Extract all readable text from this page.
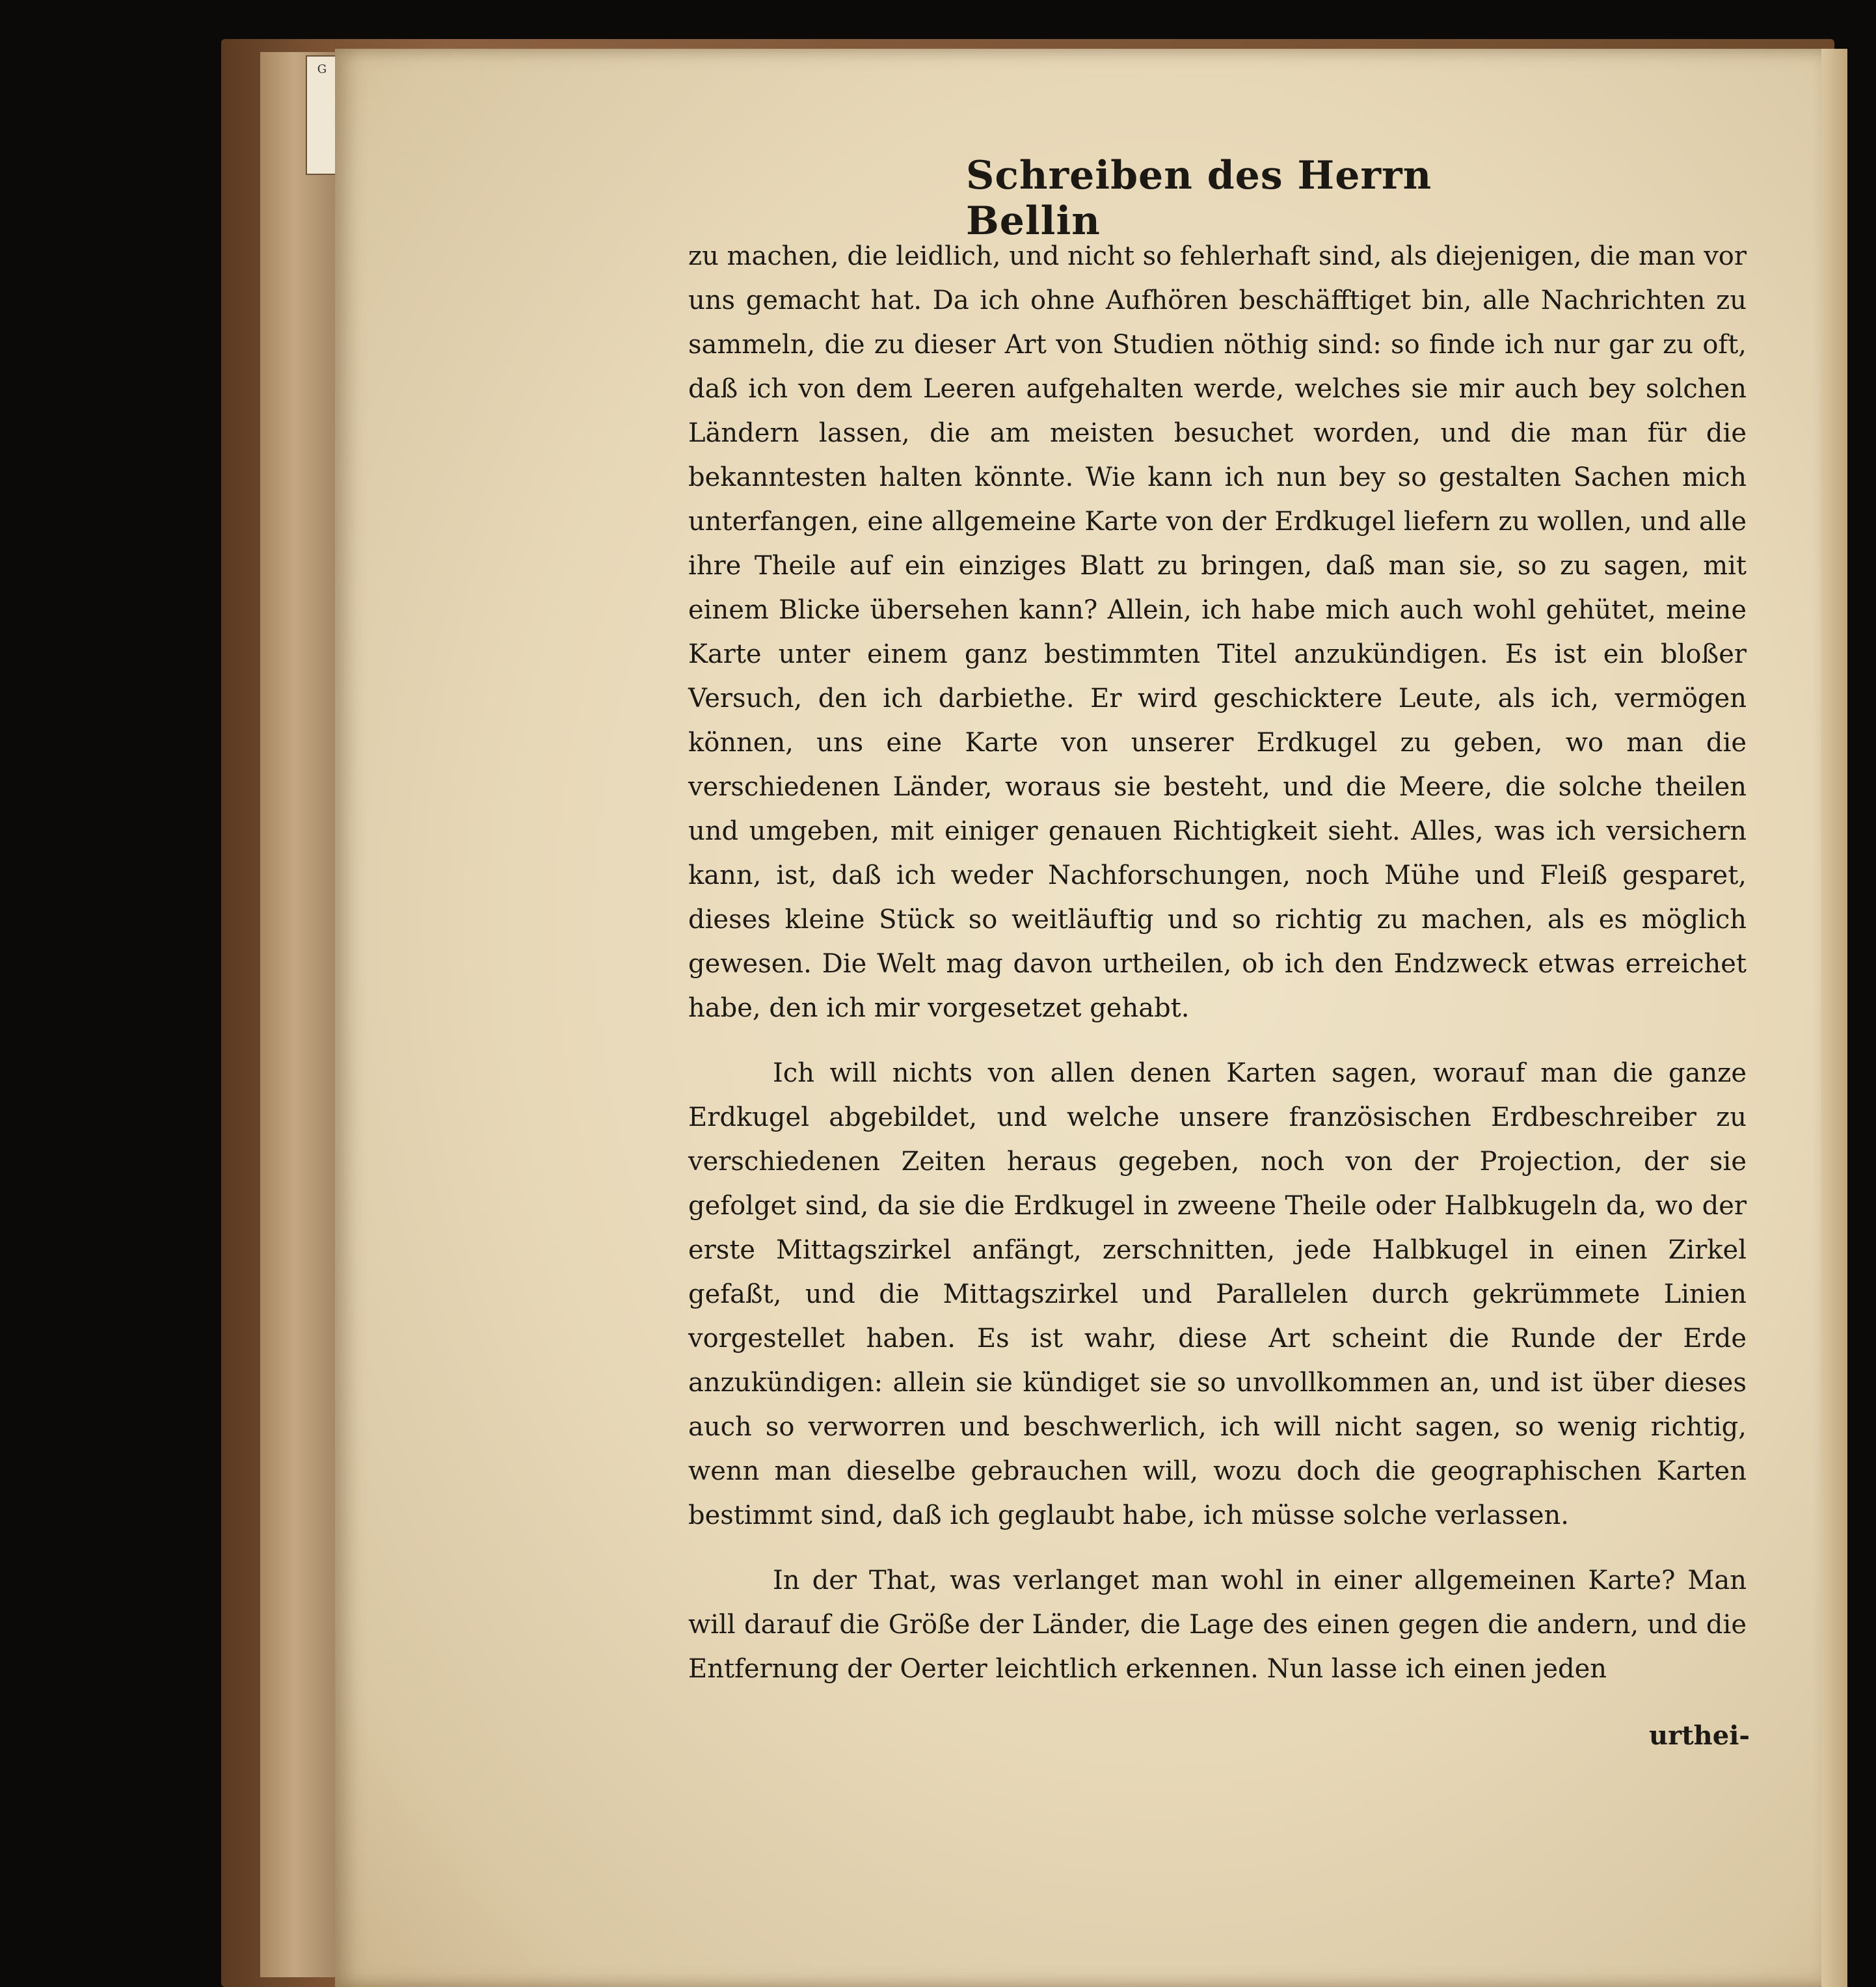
G
Schreiben des Herrn Bellin

zu machen, die leidlich, und nicht so fehlerhaft sind, als diejenigen, die man vor uns gemacht hat. Da ich ohne Aufhören beschäfftiget bin, alle Nachrichten zu sammeln, die zu dieser Art von Studien nöthig sind: so finde ich nur gar zu oft, daß ich von dem Leeren aufgehalten werde, welches sie mir auch bey solchen Ländern lassen, die am meisten besuchet worden, und die man für die bekanntesten halten könnte. Wie kann ich nun bey so gestalten Sachen mich unterfangen, eine allgemeine Karte von der Erdkugel liefern zu wollen, und alle ihre Theile auf ein einziges Blatt zu bringen, daß man sie, so zu sagen, mit einem Blicke übersehen kann? Allein, ich habe mich auch wohl gehütet, meine Karte unter einem ganz bestimmten Titel anzukündigen. Es ist ein bloßer Versuch, den ich darbiethe. Er wird geschicktere Leute, als ich, vermögen können, uns eine Karte von unserer Erdkugel zu geben, wo man die verschiedenen Länder, woraus sie besteht, und die Meere, die solche theilen und umgeben, mit einiger genauen Richtigkeit sieht. Alles, was ich versichern kann, ist, daß ich weder Nachforschungen, noch Mühe und Fleiß gesparet, dieses kleine Stück so weitläuftig und so richtig zu machen, als es möglich gewesen. Die Welt mag davon urtheilen, ob ich den Endzweck etwas erreichet habe, den ich mir vorgesetzet gehabt.

Ich will nichts von allen denen Karten sagen, worauf man die ganze Erdkugel abgebildet, und welche unsere französischen Erdbeschreiber zu verschiedenen Zeiten heraus gegeben, noch von der Projection, der sie gefolget sind, da sie die Erdkugel in zweene Theile oder Halbkugeln da, wo der erste Mittagszirkel anfängt, zerschnitten, jede Halbkugel in einen Zirkel gefaßt, und die Mittagszirkel und Parallelen durch gekrümmete Linien vorgestellet haben. Es ist wahr, diese Art scheint die Runde der Erde anzukündigen: allein sie kündiget sie so unvollkommen an, und ist über dieses auch so verworren und beschwerlich, ich will nicht sagen, so wenig richtig, wenn man dieselbe gebrauchen will, wozu doch die geographischen Karten bestimmt sind, daß ich geglaubt habe, ich müsse solche verlassen.

In der That, was verlanget man wohl in einer allgemeinen Karte? Man will darauf die Größe der Länder, die Lage des einen gegen die andern, und die Entfernung der Oerter leichtlich erkennen. Nun lasse ich einen jeden

urthei-
